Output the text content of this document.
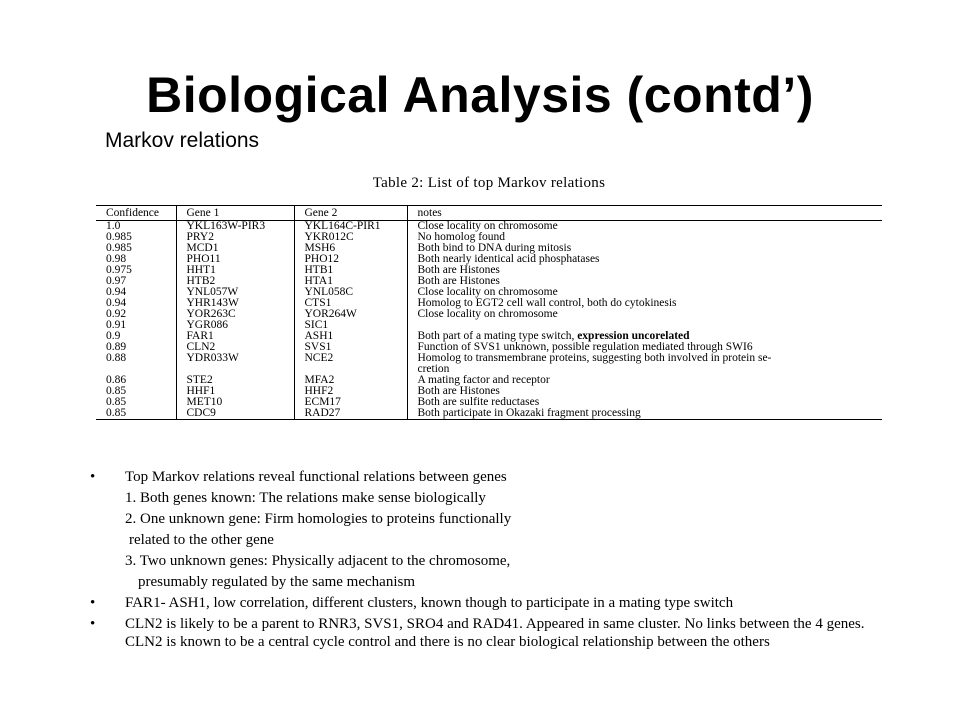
Biological Analysis (contd’)
Markov relations
Table 2: List of top Markov relations
Confidence	Gene 1	Gene 2	notes
1.0	YKL163W-PIR3	YKL164C-PIR1	Close locality on chromosome
0.985	PRY2	YKR012C	No homolog found
0.985	MCD1	MSH6	Both bind to DNA during mitosis
0.98	PHO11	PHO12	Both nearly identical acid phosphatases
0.975	HHT1	HTB1	Both are Histones
0.97	HTB2	HTA1	Both are Histones
0.94	YNL057W	YNL058C	Close locality on chromosome
0.94	YHR143W	CTS1	Homolog to EGT2 cell wall control, both do cytokinesis
0.92	YOR263C	YOR264W	Close locality on chromosome
0.91	YGR086	SIC1	
0.9	FAR1	ASH1	Both part of a mating type switch, expression uncorelated
0.89	CLN2	SVS1	Function of SVS1 unknown, possible regulation mediated through SWI6
0.88	YDR033W	NCE2	Homolog to transmembrane proteins, suggesting both involved in protein se-
			cretion
0.86	STE2	MFA2	A mating factor and receptor
0.85	HHF1	HHF2	Both are Histones
0.85	MET10	ECM17	Both are sulfite reductases
0.85	CDC9	RAD27	Both participate in Okazaki fragment processing
• Top Markov relations reveal functional relations between genes
1. Both genes known: The relations make sense biologically
2. One unknown gene: Firm homologies to proteins functionally
related to the other gene
3. Two unknown genes: Physically adjacent to the chromosome,
presumably regulated by the same mechanism
• FAR1- ASH1, low correlation, different clusters, known though to participate in a mating type switch
• CLN2 is likely to be a parent to RNR3, SVS1, SRO4 and RAD41. Appeared in same cluster. No links between the 4 genes. CLN2 is known to be a central cycle control and there is no clear biological relationship between the others
